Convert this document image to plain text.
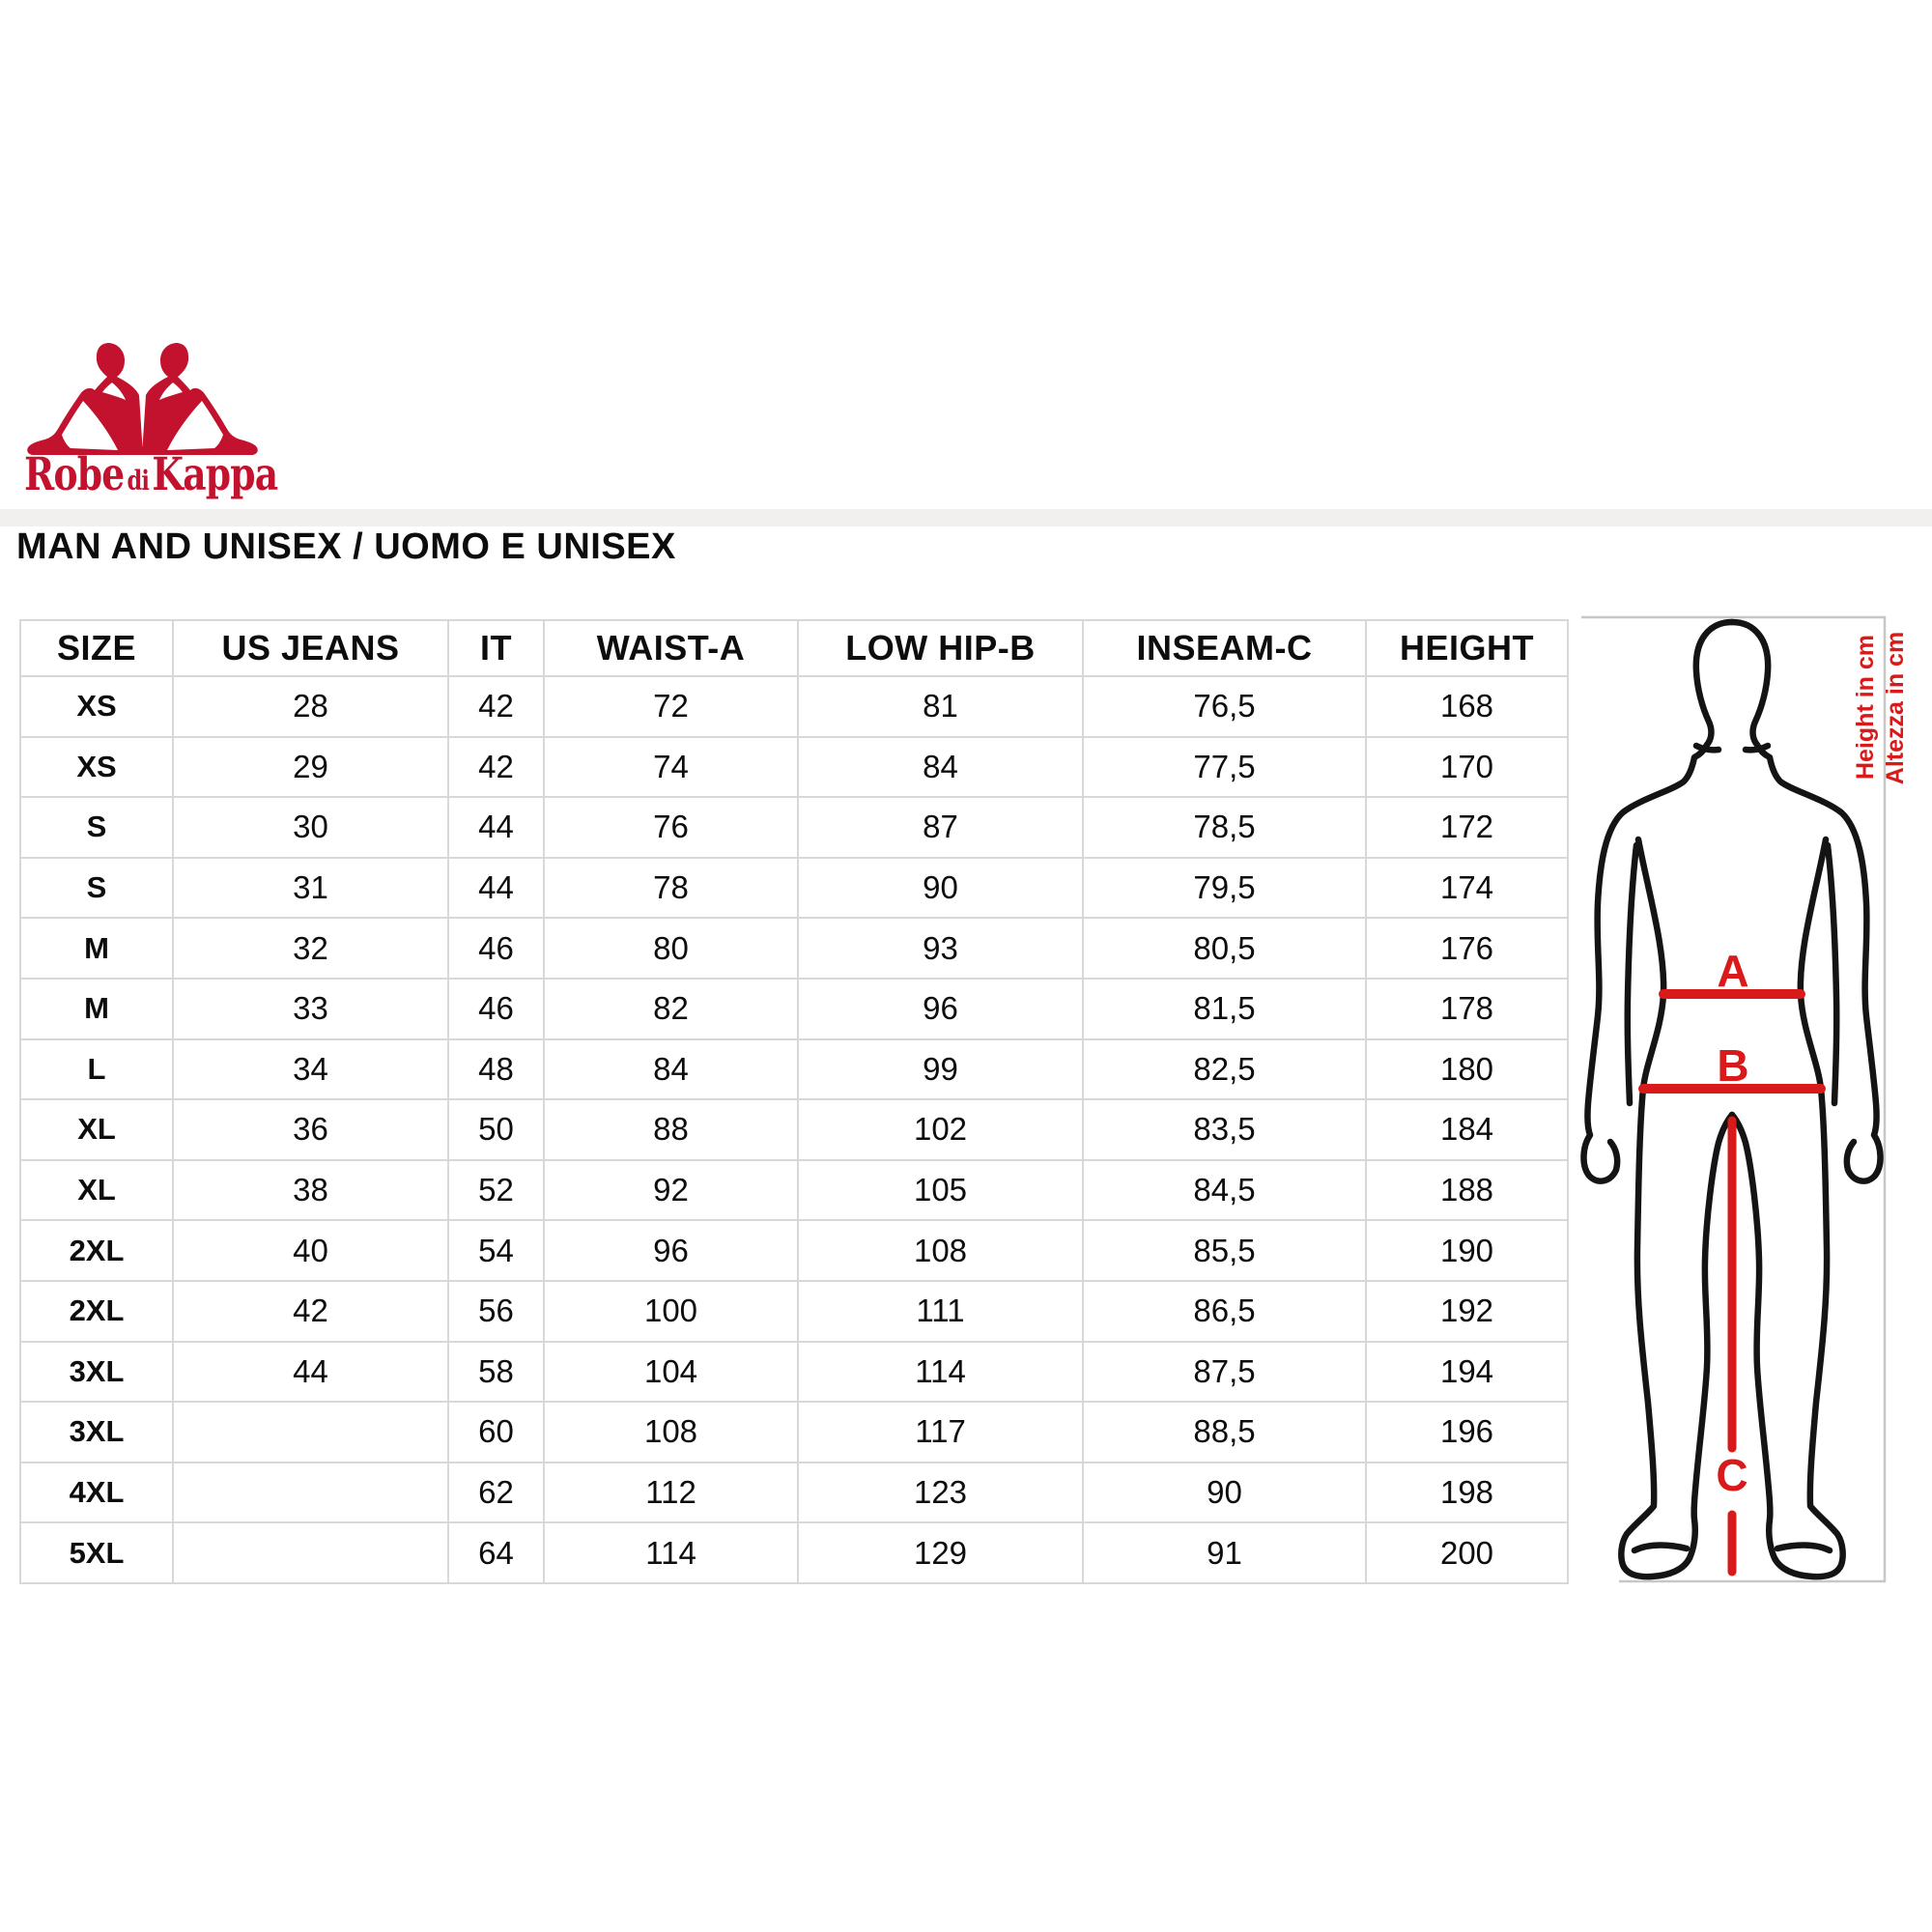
Robe diKappa
MAN AND UNISEX / UOMO E UNISEX
SIZE	US JEANS	IT	WAIST-A	LOW HIP-B	INSEAM-C	HEIGHT
XS	28	42	72	81	76,5	168
XS	29	42	74	84	77,5	170
S	30	44	76	87	78,5	172
S	31	44	78	90	79,5	174
M	32	46	80	93	80,5	176
M	33	46	82	96	81,5	178
L	34	48	84	99	82,5	180
XL	36	50	88	102	83,5	184
XL	38	52	92	105	84,5	188
2XL	40	54	96	108	85,5	190
2XL	42	56	100	111	86,5	192
3XL	44	58	104	114	87,5	194
3XL		60	108	117	88,5	196
4XL		62	112	123	90	198
5XL		64	114	129	91	200
A
B
C
Height in cm Altezza in cm
